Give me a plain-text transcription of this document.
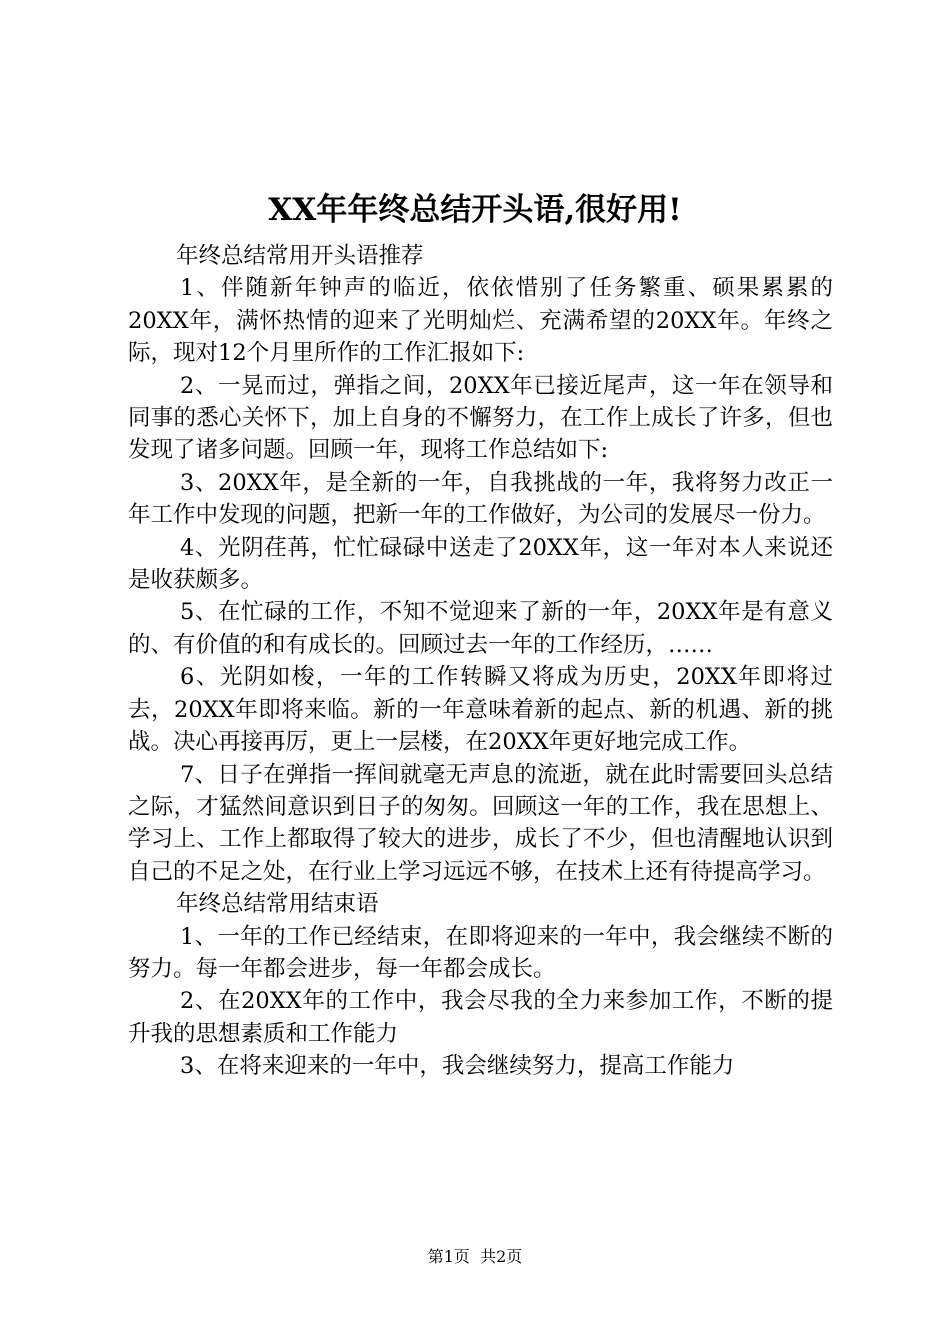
XX年年终总结开头语,很好用!

年终总结常用开头语推荐

1、伴随新年钟声的临近，依依惜别了任务繁重、硕果累累的20XX年，满怀热情的迎来了光明灿烂、充满希望的20XX年。年终之际，现对12个月里所作的工作汇报如下:

2、一晃而过，弹指之间，20XX年已接近尾声，这一年在领导和同事的悉心关怀下，加上自身的不懈努力，在工作上成长了许多，但也发现了诸多问题。回顾一年，现将工作总结如下:

3、20XX年，是全新的一年，自我挑战的一年，我将努力改正一年工作中发现的问题，把新一年的工作做好，为公司的发展尽一份力。

4、光阴荏苒，忙忙碌碌中送走了20XX年，这一年对本人来说还是收获颇多。

5、在忙碌的工作，不知不觉迎来了新的一年，20XX年是有意义的、有价值的和有成长的。回顾过去一年的工作经历，……

6、光阴如梭，一年的工作转瞬又将成为历史，20XX年即将过去，20XX年即将来临。新的一年意味着新的起点、新的机遇、新的挑战。决心再接再厉，更上一层楼，在20XX年更好地完成工作。

7、日子在弹指一挥间就毫无声息的流逝，就在此时需要回头总结之际，才猛然间意识到日子的匆匆。回顾这一年的工作，我在思想上、学习上、工作上都取得了较大的进步，成长了不少，但也清醒地认识到自己的不足之处，在行业上学习远远不够，在技术上还有待提高学习。

年终总结常用结束语

1、一年的工作已经结束，在即将迎来的一年中，我会继续不断的努力。每一年都会进步，每一年都会成长。

2、在20XX年的工作中，我会尽我的全力来参加工作，不断的提升我的思想素质和工作能力

3、在将来迎来的一年中，我会继续努力，提高工作能力

第1页 共2页
